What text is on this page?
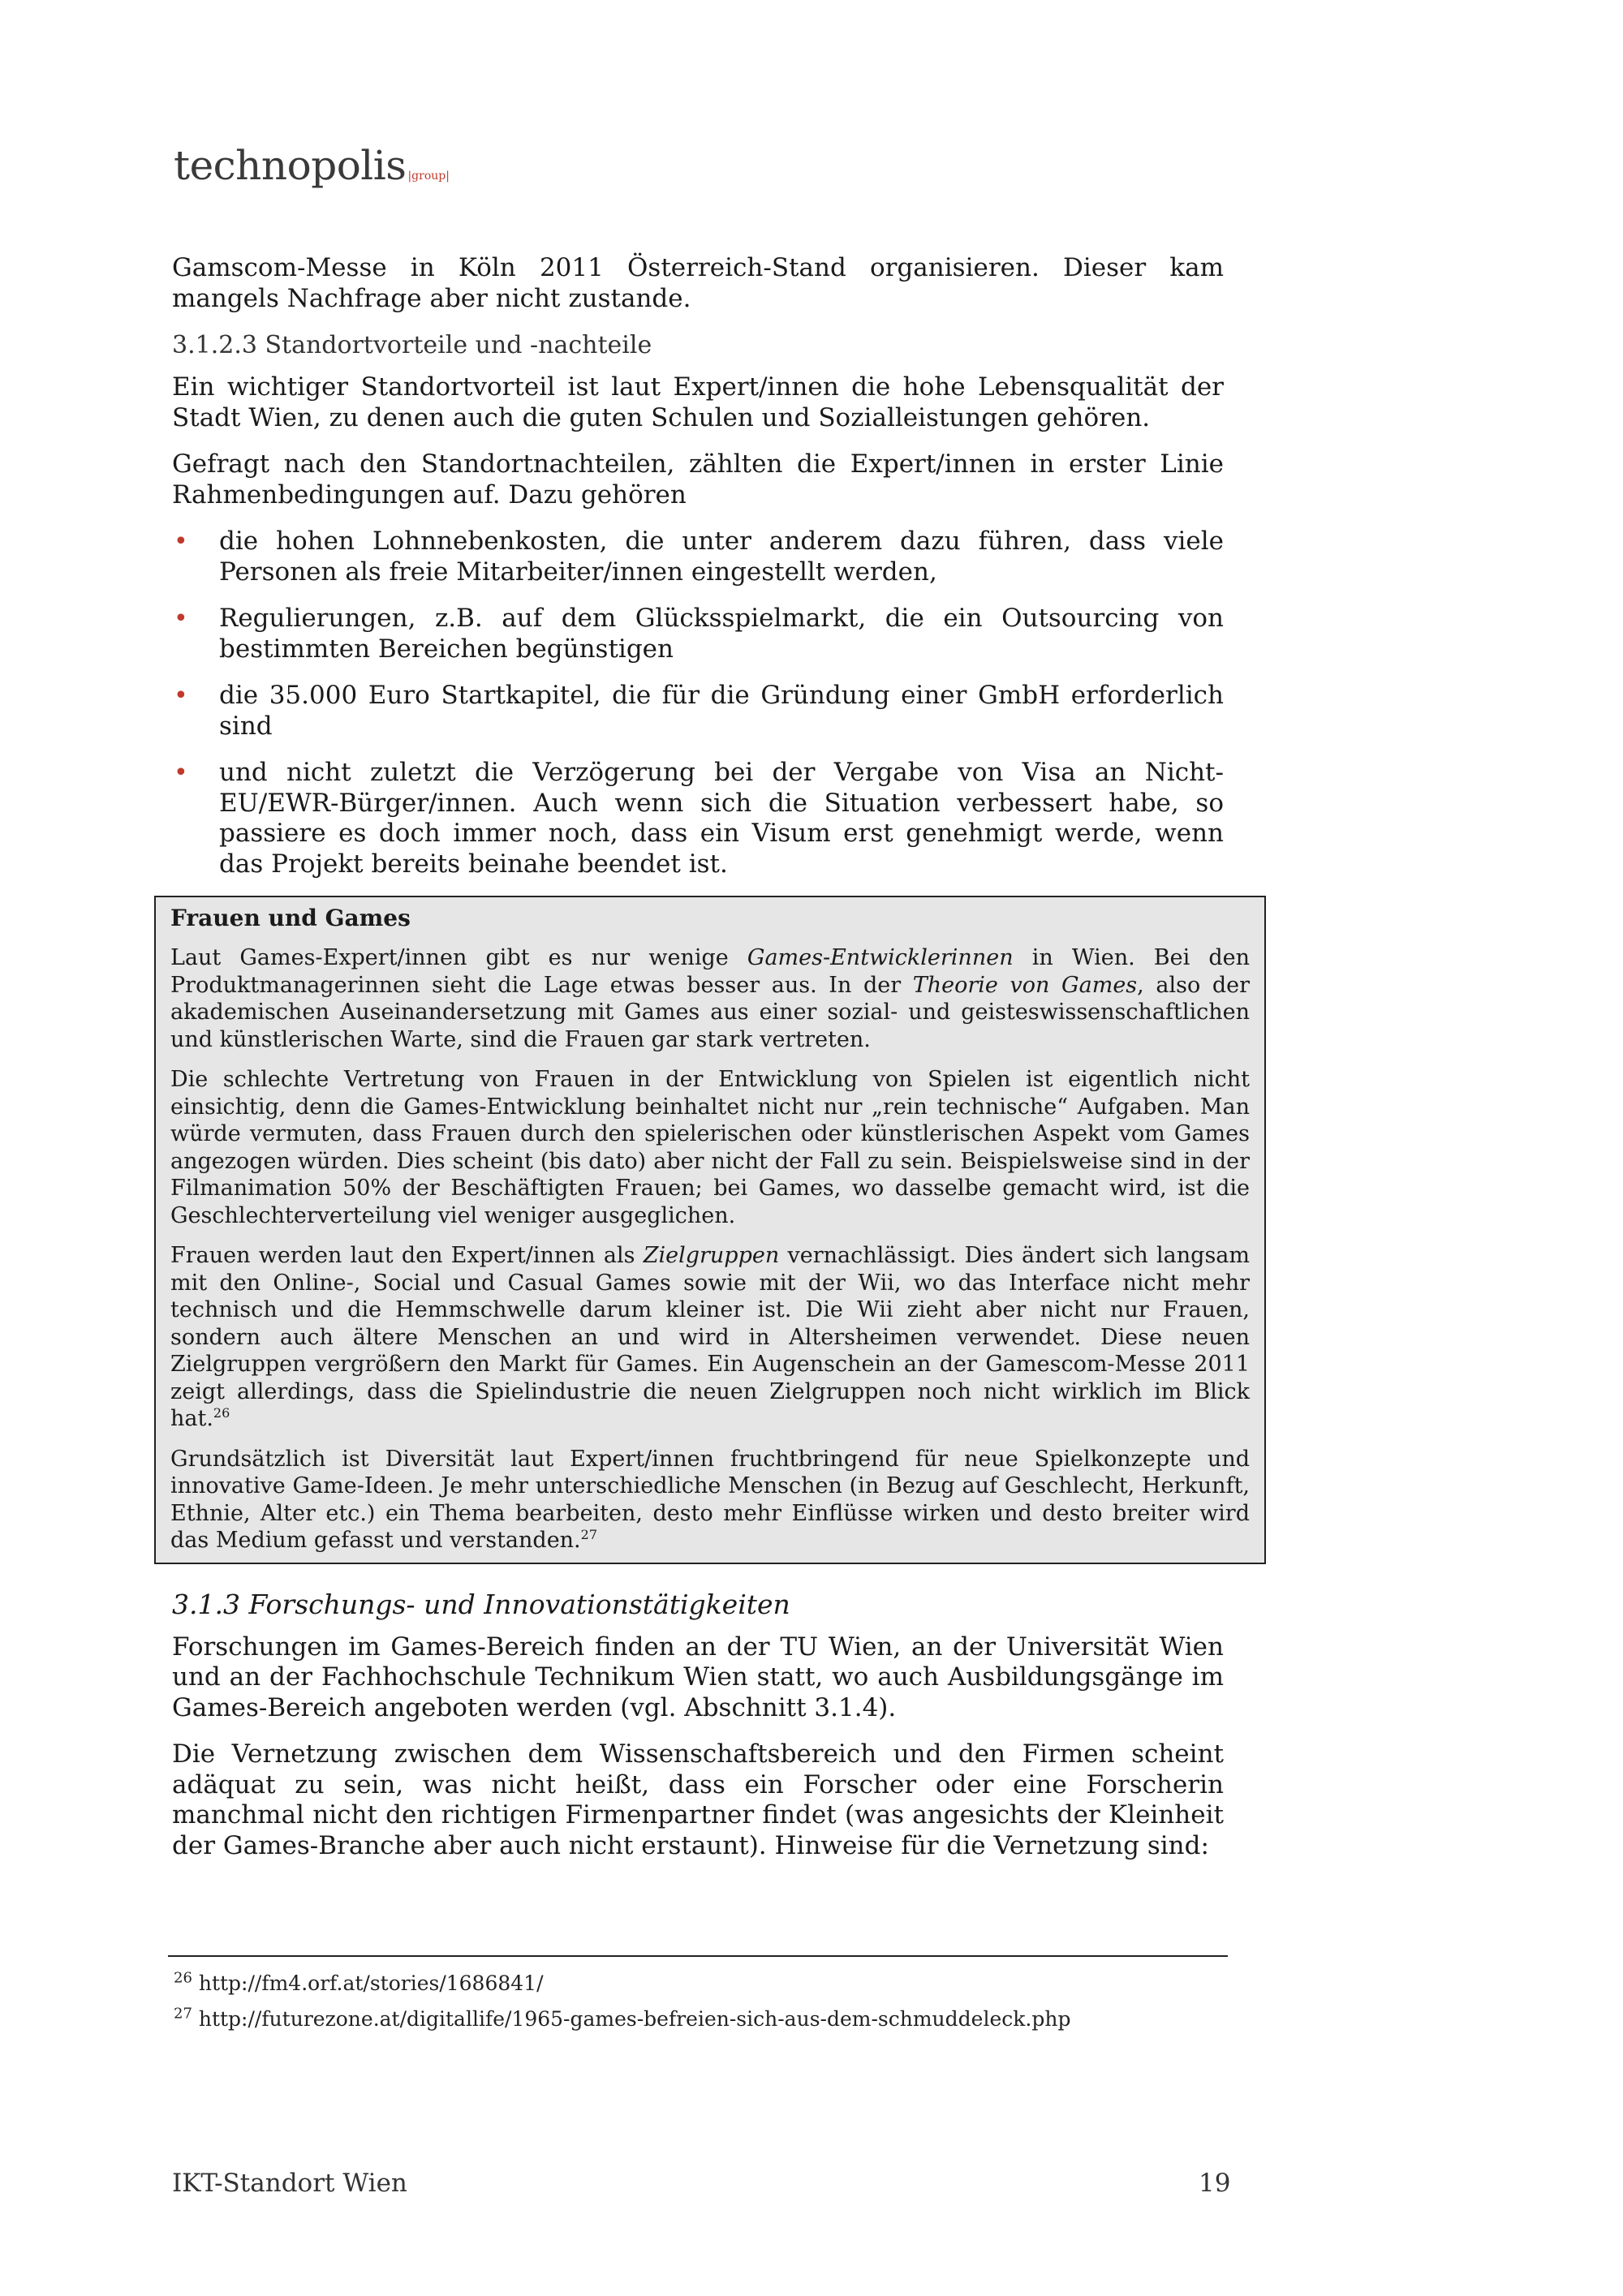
technopolis |group|

Gamscom-Messe in Köln 2011 Österreich-Stand organisieren. Dieser kam mangels Nachfrage aber nicht zustande.

3.1.2.3 Standortvorteile und -nachteile

Ein wichtiger Standortvorteil ist laut Expert/innen die hohe Lebensqualität der Stadt Wien, zu denen auch die guten Schulen und Sozialleistungen gehören.

Gefragt nach den Standortnachteilen, zählten die Expert/innen in erster Linie Rahmenbedingungen auf. Dazu gehören

• die hohen Lohnnebenkosten, die unter anderem dazu führen, dass viele Personen als freie Mitarbeiter/innen eingestellt werden,
• Regulierungen, z.B. auf dem Glücksspielmarkt, die ein Outsourcing von bestimmten Bereichen begünstigen
• die 35.000 Euro Startkapitel, die für die Gründung einer GmbH erforderlich sind
• und nicht zuletzt die Verzögerung bei der Vergabe von Visa an Nicht-EU/EWR-Bürger/innen. Auch wenn sich die Situation verbessert habe, so passiere es doch immer noch, dass ein Visum erst genehmigt werde, wenn das Projekt bereits beinahe beendet ist.
Frauen und Games

Laut Games-Expert/innen gibt es nur wenige Games-Entwicklerinnen in Wien. Bei den Produktmanagerinnen sieht die Lage etwas besser aus. In der Theorie von Games, also der akademischen Auseinandersetzung mit Games aus einer sozial- und geisteswissenschaftlichen und künstlerischen Warte, sind die Frauen gar stark vertreten.

Die schlechte Vertretung von Frauen in der Entwicklung von Spielen ist eigentlich nicht einsichtig, denn die Games-Entwicklung beinhaltet nicht nur „rein technische“ Aufgaben. Man würde vermuten, dass Frauen durch den spielerischen oder künstlerischen Aspekt vom Games angezogen würden. Dies scheint (bis dato) aber nicht der Fall zu sein. Beispielsweise sind in der Filmanimation 50% der Beschäftigten Frauen; bei Games, wo dasselbe gemacht wird, ist die Geschlechterverteilung viel weniger ausgeglichen.

Frauen werden laut den Expert/innen als Zielgruppen vernachlässigt. Dies ändert sich langsam mit den Online-, Social und Casual Games sowie mit der Wii, wo das Interface nicht mehr technisch und die Hemmschwelle darum kleiner ist. Die Wii zieht aber nicht nur Frauen, sondern auch ältere Menschen an und wird in Altersheimen verwendet. Diese neuen Zielgruppen vergrößern den Markt für Games. Ein Augenschein an der Gamescom-Messe 2011 zeigt allerdings, dass die Spielindustrie die neuen Zielgruppen noch nicht wirklich im Blick hat.$^{26}$

Grundsätzlich ist Diversität laut Expert/innen fruchtbringend für neue Spielkonzepte und innovative Game-Ideen. Je mehr unterschiedliche Menschen (in Bezug auf Geschlecht, Herkunft, Ethnie, Alter etc.) ein Thema bearbeiten, desto mehr Einflüsse wirken und desto breiter wird das Medium gefasst und verstanden.$^{27}$

3.1.3 Forschungs- und Innovationstätigkeiten

Forschungen im Games-Bereich finden an der TU Wien, an der Universität Wien und an der Fachhochschule Technikum Wien statt, wo auch Ausbildungsgänge im Games-Bereich angeboten werden (vgl. Abschnitt 3.1.4).

Die Vernetzung zwischen dem Wissenschaftsbereich und den Firmen scheint adäquat zu sein, was nicht heißt, dass ein Forscher oder eine Forscherin manchmal nicht den richtigen Firmenpartner findet (was angesichts der Kleinheit der Games-Branche aber auch nicht erstaunt). Hinweise für die Vernetzung sind:

$^{26}$ http://fm4.orf.at/stories/1686841/
$^{27}$ http://futurezone.at/digitallife/1965-games-befreien-sich-aus-dem-schmuddeleck.php
IKT-Standort Wien	19
